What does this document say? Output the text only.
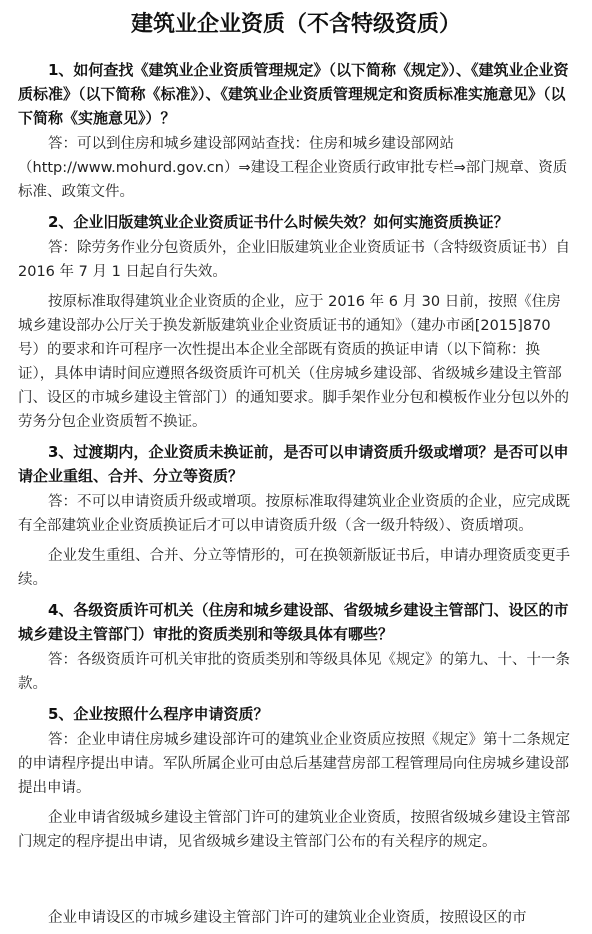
建筑业企业资质（不含特级资质）
1、如何查找《建筑业企业资质管理规定》（以下简称《规定》）、《建筑业企业资质标准》（以下简称《标准》）、《建筑业企业资质管理规定和资质标准实施意见》（以下简称《实施意见》）？
答：可以到住房和城乡建设部网站查找：住房和城乡建设部网站（http://www.mohurd.gov.cn）⇒建设工程企业资质行政审批专栏⇒部门规章、资质标准、政策文件。
2、企业旧版建筑业企业资质证书什么时候失效？如何实施资质换证？
答：除劳务作业分包资质外，企业旧版建筑业企业资质证书（含特级资质证书）自 2016 年 7 月 1 日起自行失效。
按原标准取得建筑业企业资质的企业，应于 2016 年 6 月 30 日前，按照《住房城乡建设部办公厅关于换发新版建筑业企业资质证书的通知》（建办市函[2015]870 号）的要求和许可程序一次性提出本企业全部既有资质的换证申请（以下简称：换证），具体申请时间应遵照各级资质许可机关（住房城乡建设部、省级城乡建设主管部门、设区的市城乡建设主管部门）的通知要求。脚手架作业分包和模板作业分包以外的劳务分包企业资质暂不换证。
3、过渡期内，企业资质未换证前，是否可以申请资质升级或增项？是否可以申请企业重组、合并、分立等资质？
答：不可以申请资质升级或增项。按原标准取得建筑业企业资质的企业，应完成既有全部建筑业企业资质换证后才可以申请资质升级（含一级升特级）、资质增项。
企业发生重组、合并、分立等情形的，可在换领新版证书后，申请办理资质变更手续。
4、各级资质许可机关（住房和城乡建设部、省级城乡建设主管部门、设区的市城乡建设主管部门）审批的资质类别和等级具体有哪些？
答：各级资质许可机关审批的资质类别和等级具体见《规定》的第九、十、十一条款。
5、企业按照什么程序申请资质？
答：企业申请住房城乡建设部许可的建筑业企业资质应按照《规定》第十二条规定的申请程序提出申请。军队所属企业可由总后基建营房部工程管理局向住房城乡建设部提出申请。
企业申请省级城乡建设主管部门许可的建筑业企业资质，按照省级城乡建设主管部门规定的程序提出申请，见省级城乡建设主管部门公布的有关程序的规定。
企业申请设区的市城乡建设主管部门许可的建筑业企业资质，按照设区的市
